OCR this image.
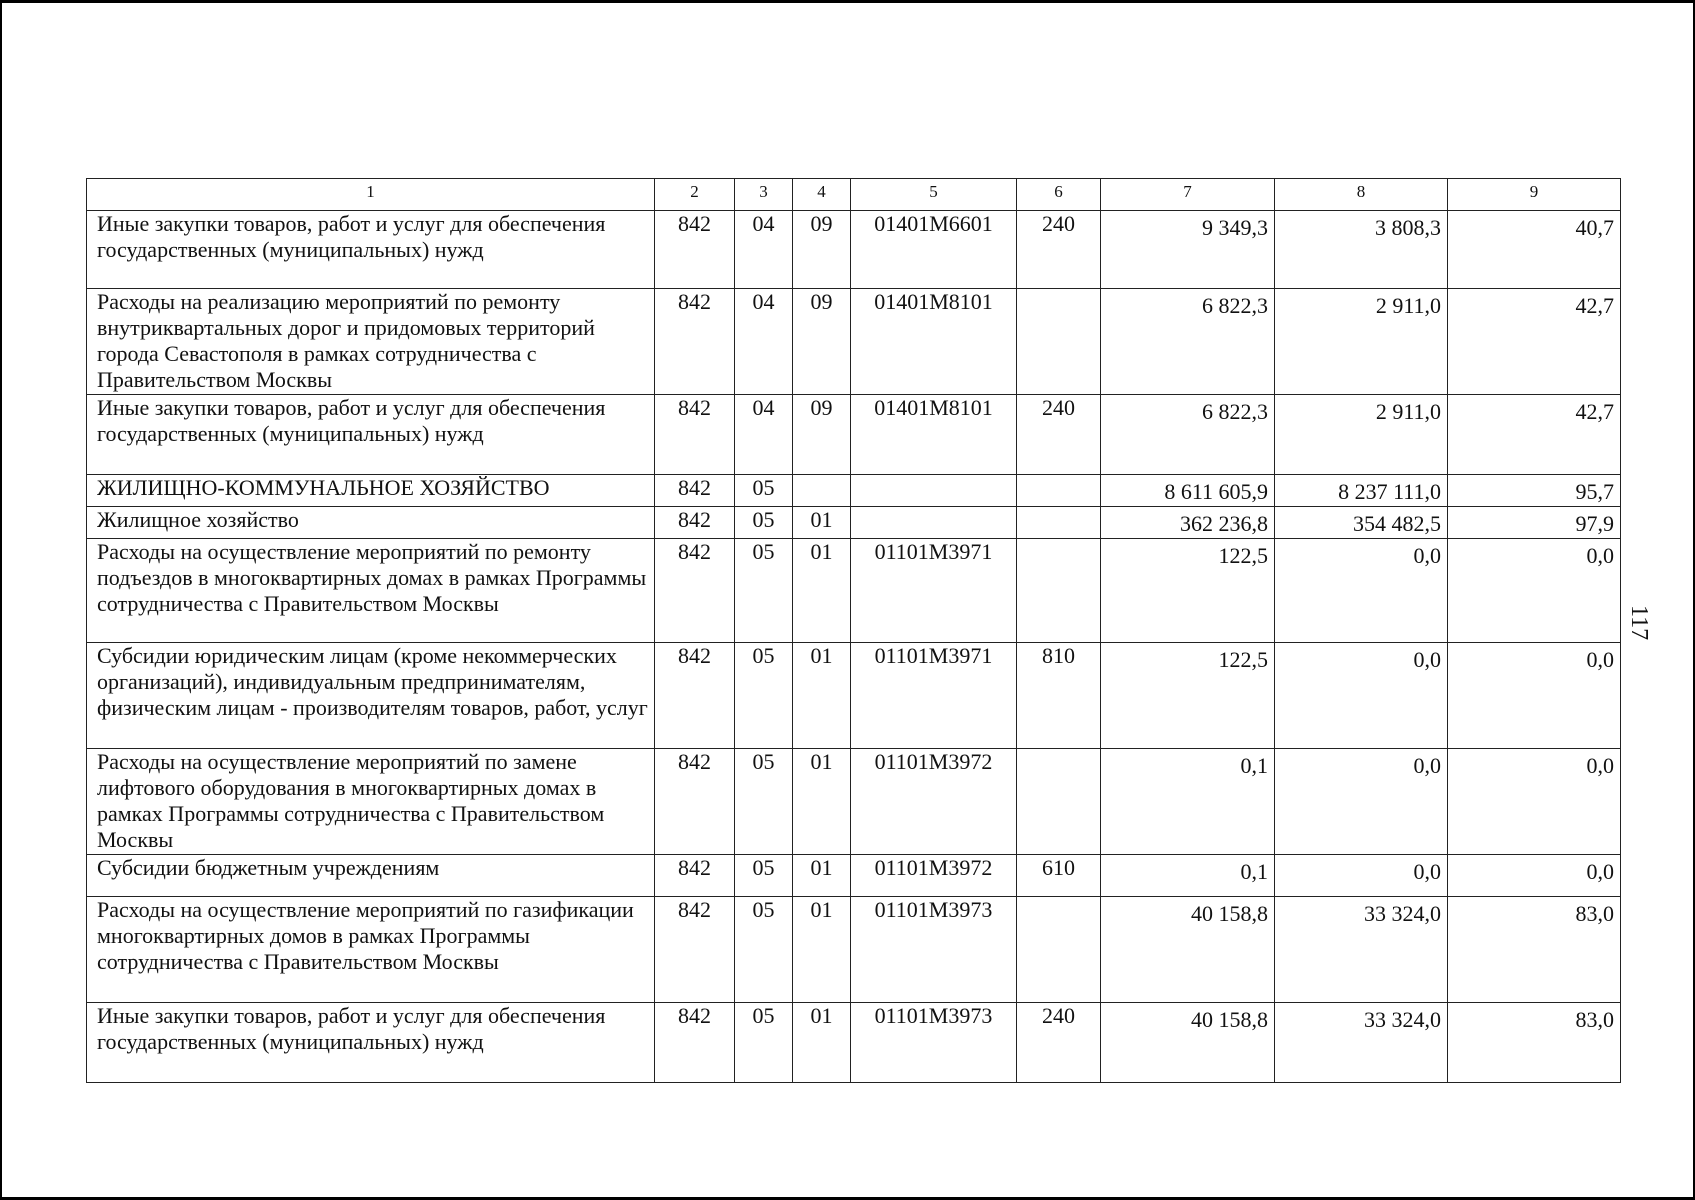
1	2	3	4	5	6	7	8	9
Иные закупки товаров, работ и услуг для обеспечения государственных (муниципальных) нужд	842	04	09	01401M6601	240	9 349,3	3 808,3	40,7
Расходы на реализацию мероприятий по ремонту внутриквартальных дорог и придомовых территорий города Севастополя в рамках сотрудничества с Правительством Москвы	842	04	09	01401M8101		6 822,3	2 911,0	42,7
Иные закупки товаров, работ и услуг для обеспечения государственных (муниципальных) нужд	842	04	09	01401M8101	240	6 822,3	2 911,0	42,7
ЖИЛИЩНО-КОММУНАЛЬНОЕ ХОЗЯЙСТВО	842	05				8 611 605,9	8 237 111,0	95,7
Жилищное хозяйство	842	05	01			362 236,8	354 482,5	97,9
Расходы на осуществление мероприятий по ремонту подъездов в многоквартирных домах в рамках Программы сотрудничества с Правительством Москвы	842	05	01	01101M3971		122,5	0,0	0,0
Субсидии юридическим лицам (кроме некоммерческих организаций), индивидуальным предпринимателям, физическим лицам - производителям товаров, работ, услуг	842	05	01	01101M3971	810	122,5	0,0	0,0
Расходы на осуществление мероприятий по замене лифтового оборудования в многоквартирных домах в рамках Программы сотрудничества с Правительством Москвы	842	05	01	01101M3972		0,1	0,0	0,0
Субсидии бюджетным учреждениям	842	05	01	01101M3972	610	0,1	0,0	0,0
Расходы на осуществление мероприятий по газификации многоквартирных домов в рамках Программы сотрудничества с Правительством Москвы	842	05	01	01101M3973		40 158,8	33 324,0	83,0
Иные закупки товаров, работ и услуг для обеспечения государственных (муниципальных) нужд	842	05	01	01101M3973	240	40 158,8	33 324,0	83,0
117
